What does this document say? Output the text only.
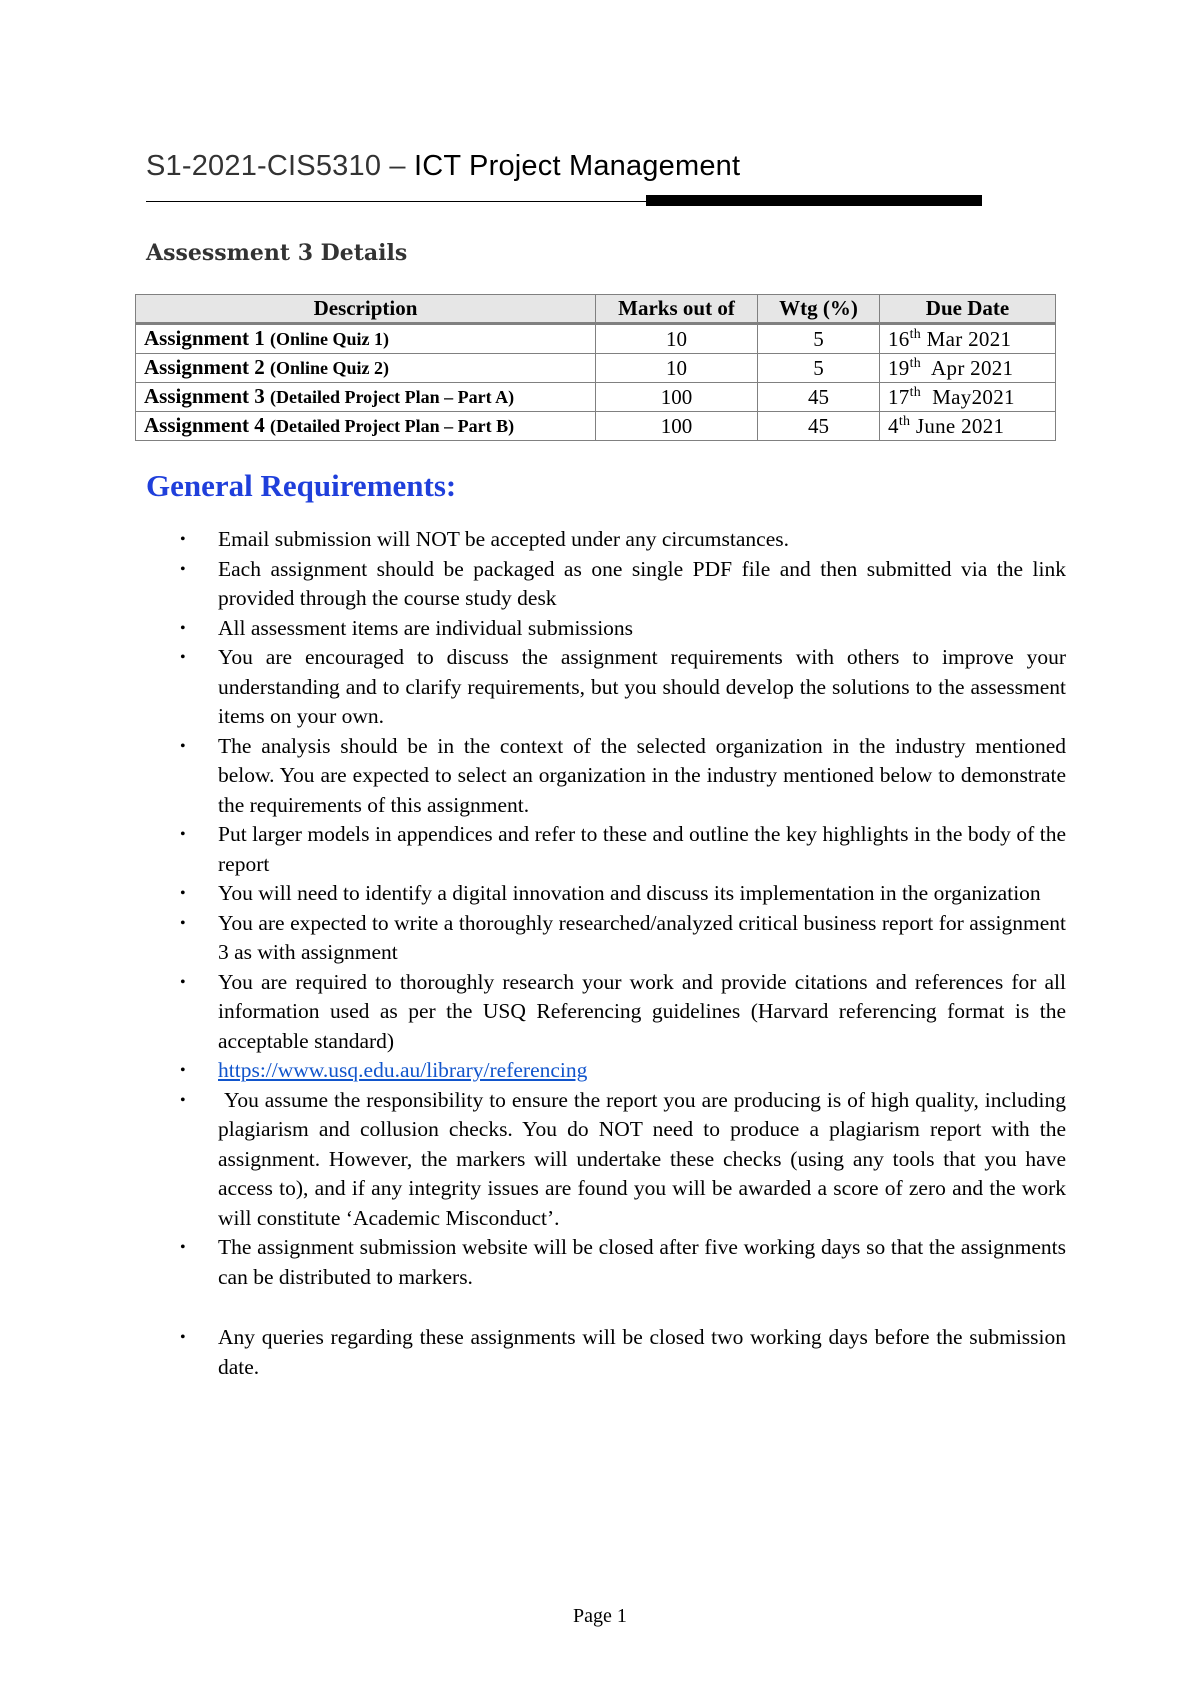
S1-2021-CIS5310 – ICT Project Management
Assessment 3 Details
Description	Marks out of	Wtg (%)	Due Date
Assignment 1 (Online Quiz 1)	10	5	16th Mar 2021
Assignment 2 (Online Quiz 2)	10	5	19th  Apr 2021
Assignment 3 (Detailed Project Plan – Part A)	100	45	17th  May2021
Assignment 4 (Detailed Project Plan – Part B)	100	45	4th June 2021
General Requirements:
• Email submission will NOT be accepted under any circumstances.
• Each assignment should be packaged as one single PDF file and then submitted via the link provided through the course study desk
• All assessment items are individual submissions
• You are encouraged to discuss the assignment requirements with others to improve your understanding and to clarify requirements, but you should develop the solutions to the assessment items on your own.
• The analysis should be in the context of the selected organization in the industry mentioned below. You are expected to select an organization in the industry mentioned below to demonstrate the requirements of this assignment.
• Put larger models in appendices and refer to these and outline the key highlights in the body of the report
• You will need to identify a digital innovation and discuss its implementation in the organization
• You are expected to write a thoroughly researched/analyzed critical business report for assignment 3 as with assignment
• You are required to thoroughly research your work and provide citations and references for all information used as per the USQ Referencing guidelines (Harvard referencing format is the acceptable standard)
• https://www.usq.edu.au/library/referencing
• You assume the responsibility to ensure the report you are producing is of high quality, including plagiarism and collusion checks. You do NOT need to produce a plagiarism report with the assignment. However, the markers will undertake these checks (using any tools that you have access to), and if any integrity issues are found you will be awarded a score of zero and the work will constitute ‘Academic Misconduct’.
• The assignment submission website will be closed after five working days so that the assignments can be distributed to markers.
• Any queries regarding these assignments will be closed two working days before the submission date.
Page 1
